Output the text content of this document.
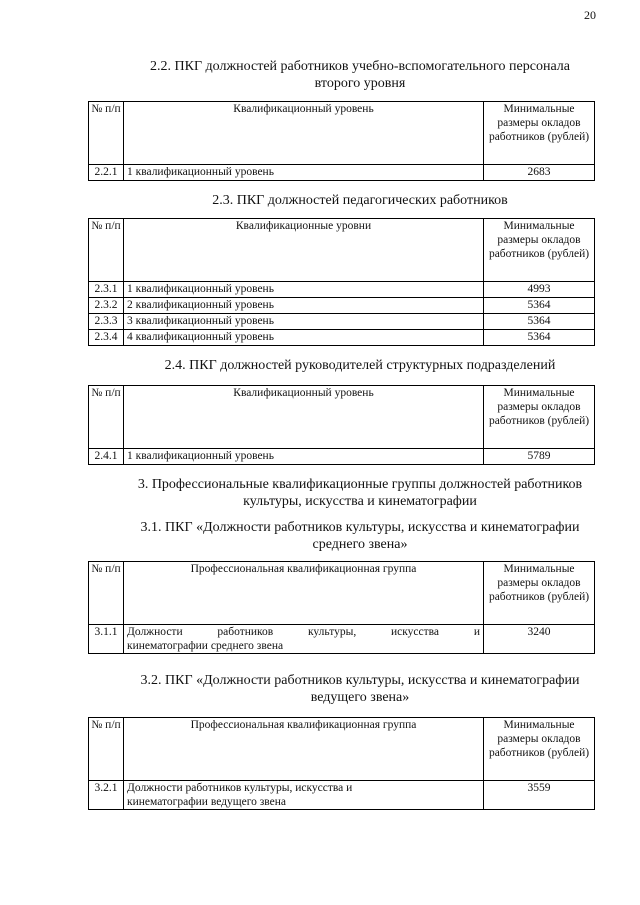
20
2.2. ПКГ должностей работников учебно-вспомогательного персонала
второго уровня
№ п/п	Квалификационный уровень	Минимальные размеры окладов работников (рублей)
2.2.1	1 квалификационный уровень	2683
2.3. ПКГ должностей педагогических работников
№ п/п	Квалификационные уровни	Минимальные размеры окладов работников (рублей)
2.3.1	1 квалификационный уровень	4993
2.3.2	2 квалификационный уровень	5364
2.3.3	3 квалификационный уровень	5364
2.3.4	4 квалификационный уровень	5364
2.4. ПКГ должностей руководителей структурных подразделений
№ п/п	Квалификационный уровень	Минимальные размеры окладов работников (рублей)
2.4.1	1 квалификационный уровень	5789
3. Профессиональные квалификационные группы должностей работников
культуры, искусства и кинематографии
3.1. ПКГ «Должности работников культуры, искусства и кинематографии
среднего звена»
№ п/п	Профессиональная квалификационная группа	Минимальные размеры окладов работников (рублей)
3.1.1	Должности работников культуры, искусства и
кинематографии среднего звена	3240
3.2. ПКГ «Должности работников культуры, искусства и кинематографии
ведущего звена»
№ п/п	Профессиональная квалификационная группа	Минимальные размеры окладов работников (рублей)
3.2.1	Должности работников культуры, искусства и
кинематографии ведущего звена	3559
